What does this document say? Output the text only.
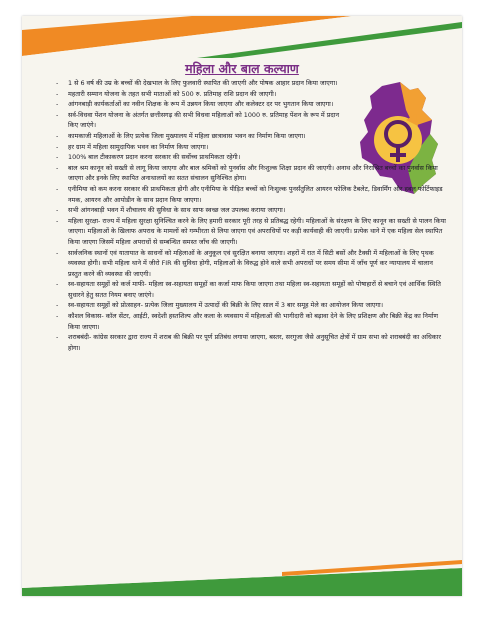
महिला और बाल कल्याण
- 1 से 6 वर्ष की उम्र के बच्चों की देखभाल के लिए फुलवारी स्थापित की जाएगी और पोषक आहार प्रदान किया जाएगा।
- महतारी सम्मान योजना के तहत सभी माताओं को 500 रु. प्रतिमाह राशि प्रदान की जाएगी।
- आंगनबाड़ी कार्यकर्ताओं का नवीन शिक्षक के रूप में उन्नयन किया जाएगा और कलेक्टर दर पर भुगतान किया जाएगा।
- सर्व-विधवा पेंशन योजना के अंतर्गत छत्तीसगढ़ की सभी विधवा महिलाओं को 1000 रु. प्रतिमाह पेंशन के रूप में प्रदान किए जाएंगे।
- कामकाजी महिलाओं के लिए प्रत्येक जिला मुख्यालय में महिला छात्रावास भवन का निर्माण किया जाएगा।
- हर ग्राम में महिला सामुदायिक भवन का निर्माण किया जाएगा।
- 100% बाल टीकाकरण प्रदान करना सरकार की सर्वोच्च प्राथमिकता रहेगी।
- बाल श्रम कानून को सख्ती से लागू किया जाएगा और बाल श्रमिकों को पुनर्वास और निःशुल्क शिक्षा प्रदान की जाएगी। अनाथ और निराश्रित बच्चों का पुनर्वास किया जाएगा और इनके लिए स्थापित अनाथालयों का सतत संचालन सुनिश्चित होगा।
- एनीमिया को कम करना सरकार की प्राथमिकता होगी और एनीमिया के पीड़ित बच्चों को निःशुल्क पुनर्संतुलित आयरन फोलिक टैबलेट, डिवार्मिंग और हबल फोर्टिफाइड नमक, आयरन और आयोडीन के साथ प्रदान किया जाएगा।
- सभी आंगनबाड़ी भवन में शौचालय की सुविधा के साथ साफ स्वच्छ जल उपलब्ध कराया जाएगा।
- महिला सुरक्षा- राज्य में महिला सुरक्षा सुनिश्चित करने के लिए हमारी सरकार पूरी तरह से प्रतिबद्ध रहेगी। महिलाओं के संरक्षण के लिए कानून का सख्ती से पालन किया जाएगा। महिलाओं के खिलाफ अपराध के मामलों को गम्भीरता से लिया जाएगा एवं अपराधियों पर कड़ी कार्यवाही की जाएगी। प्रत्येक थाने में एक महिला सेल स्थापित किया जाएगा जिसमें महिला अपराधों से सम्बन्धित समस्त जाँच की जाएगी।
- सार्वजनिक स्थानों एवं यातायात के साधनों को महिलाओं के अनुकूल एवं सुरक्षित बनाया जाएगा। शहरों में रात में सिटी बसों और टैक्सी में महिलाओं के लिए पृथक व्यवस्था होगी। सभी महिला थाने में जीरो FIR की सुविधा होगी, महिलाओं के विरुद्ध होने वाले सभी अपराधों पर समय सीमा में जाँच पूर्ण कर न्यायालय में चालान प्रस्तुत करने की व्यवस्था की जाएगी।
- स्व-सहायता समूहों को कर्ज माफी- महिला स्व-सहायता समूहों का कर्जा माफ किया जाएगा तथा महिला स्व-सहायता समूहों को पोषाहारों से बचाने एवं आर्थिक स्थिति सुधारने हेतु सतत नियम बनाए जाएंगे।
- स्व-सहायता समूहों को प्रोत्साहन- प्रत्येक जिला मुख्यालय में उत्पादों की बिक्री के लिए साल में 3 बार समूह मेले का आयोजन किया जाएगा।
- कौशल विकास- कॉल सेंटर, आईटी, स्वदेशी हस्तशिल्प और कला के व्यवसाय में महिलाओं की भागीदारी को बढ़ावा देने के लिए प्रशिक्षण और बिक्री केंद्र का निर्माण किया जाएगा।
- शराबबंदी- कांग्रेस सरकार द्वारा राज्य में शराब की बिक्री पर पूर्ण प्रतिबंध लगाया जाएगा, बस्तर, सरगुजा जैसे अनुसूचित क्षेत्रों में ग्राम सभा को शराबबंदी का अधिकार होगा।
